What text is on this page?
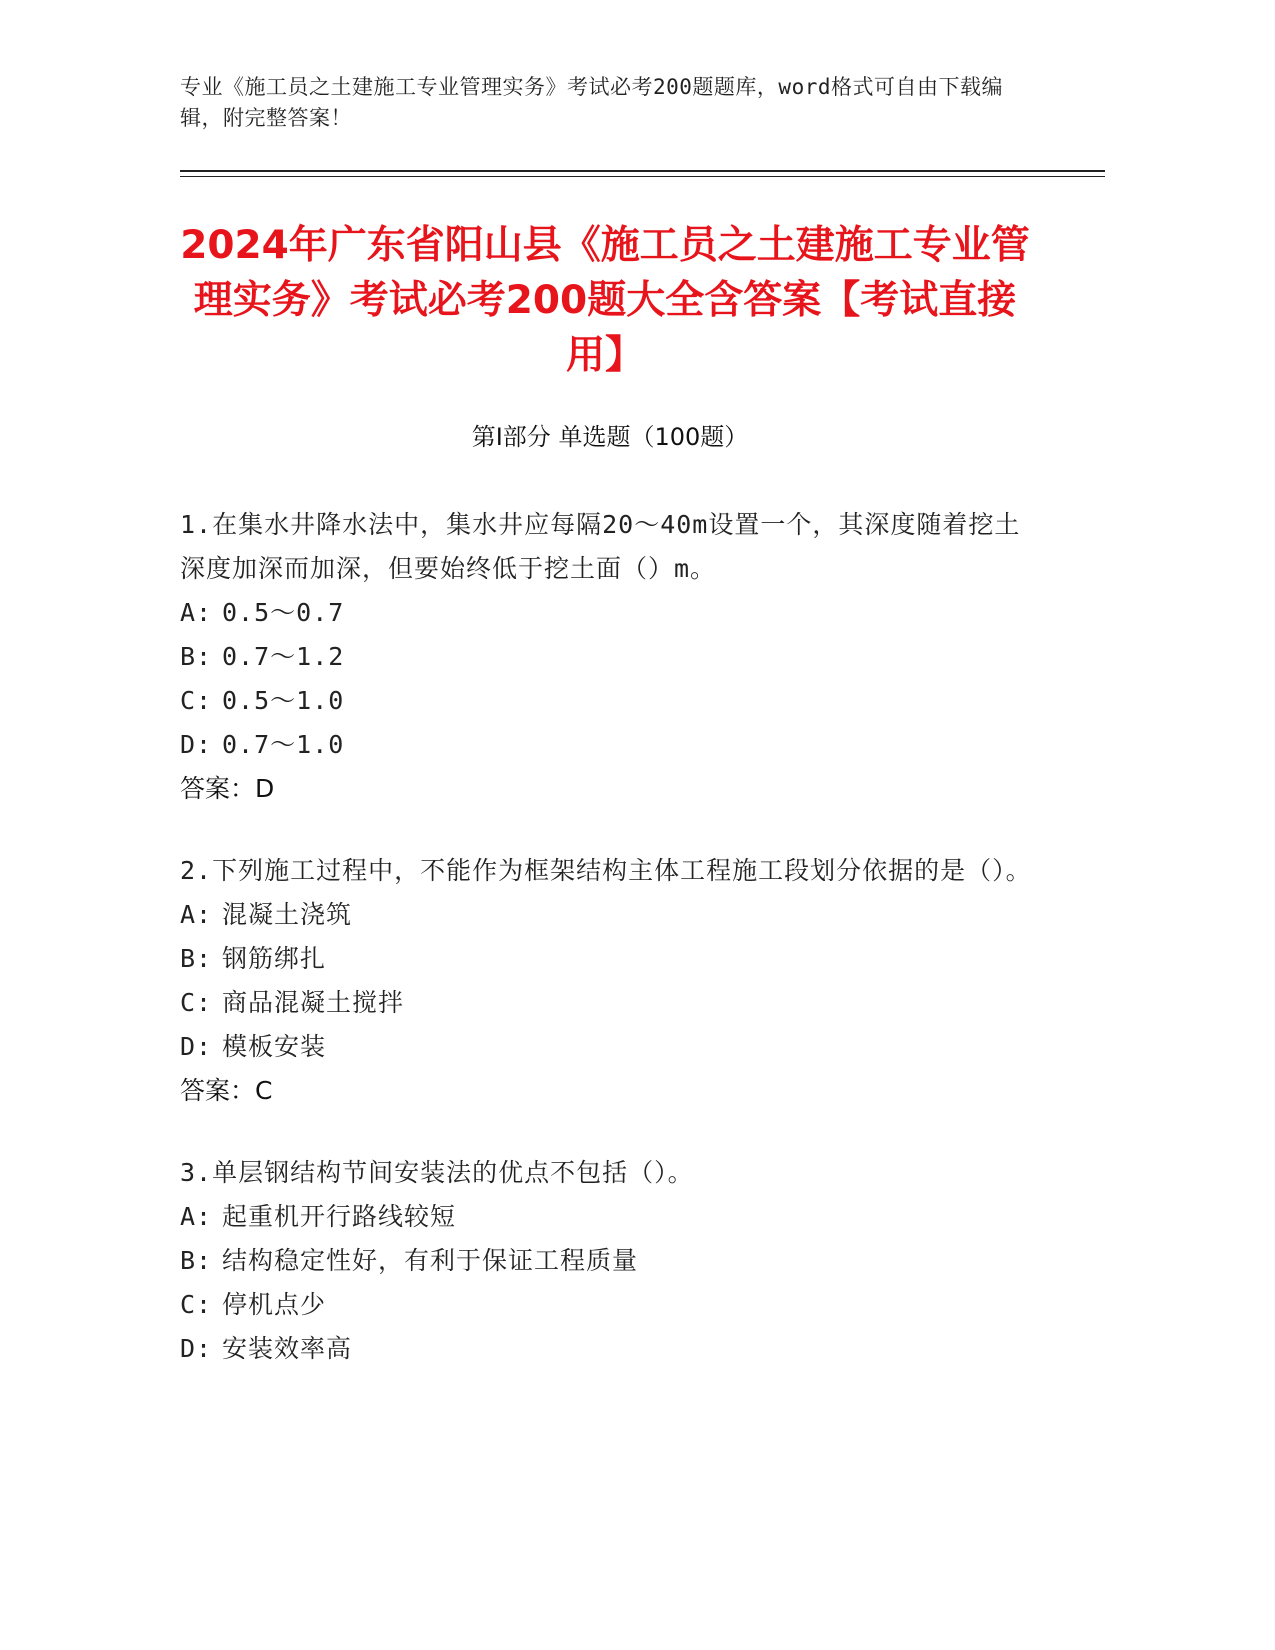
专业《施工员之土建施工专业管理实务》考试必考200题题库，word格式可自由下载编辑，附完整答案！
2024年广东省阳山县《施工员之土建施工专业管理实务》考试必考200题大全含答案【考试直接用】
第Ⅰ部分 单选题（100题）
1.在集水井降水法中，集水井应每隔20～40m设置一个，其深度随着挖土深度加深而加深，但要始终低于挖土面（）m。
A: 0.5～0.7
B: 0.7～1.2
C: 0.5～1.0
D: 0.7～1.0
答案：D
2.下列施工过程中，不能作为框架结构主体工程施工段划分依据的是（）。
A: 混凝土浇筑
B: 钢筋绑扎
C: 商品混凝土搅拌
D: 模板安装
答案：C
3.单层钢结构节间安装法的优点不包括（）。
A: 起重机开行路线较短
B: 结构稳定性好，有利于保证工程质量
C: 停机点少
D: 安装效率高
